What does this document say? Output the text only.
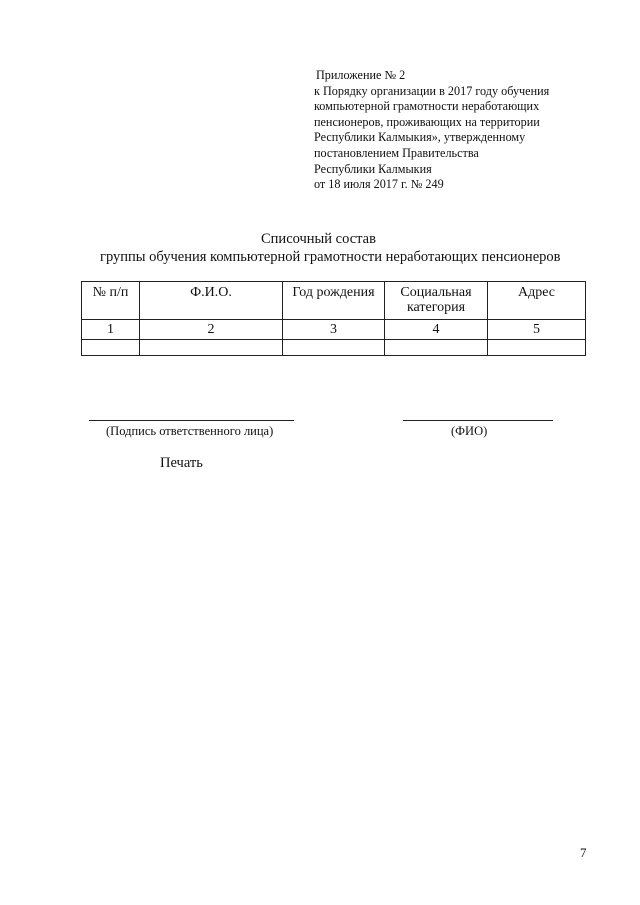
Приложение № 2
к Порядку организации в 2017 году обучения
компьютерной грамотности неработающих
пенсионеров, проживающих на территории
Республики Калмыкия», утвержденному
постановлением Правительства
Республики Калмыкия
от 18 июля 2017 г. № 249
Списочный состав
группы обучения компьютерной грамотности неработающих пенсионеров
№ п/п	Ф.И.О.	Год рождения	Социальная категория	Адрес
1	2	3	4	5

(Подпись ответственного лица)	(ФИО)
Печать
7
